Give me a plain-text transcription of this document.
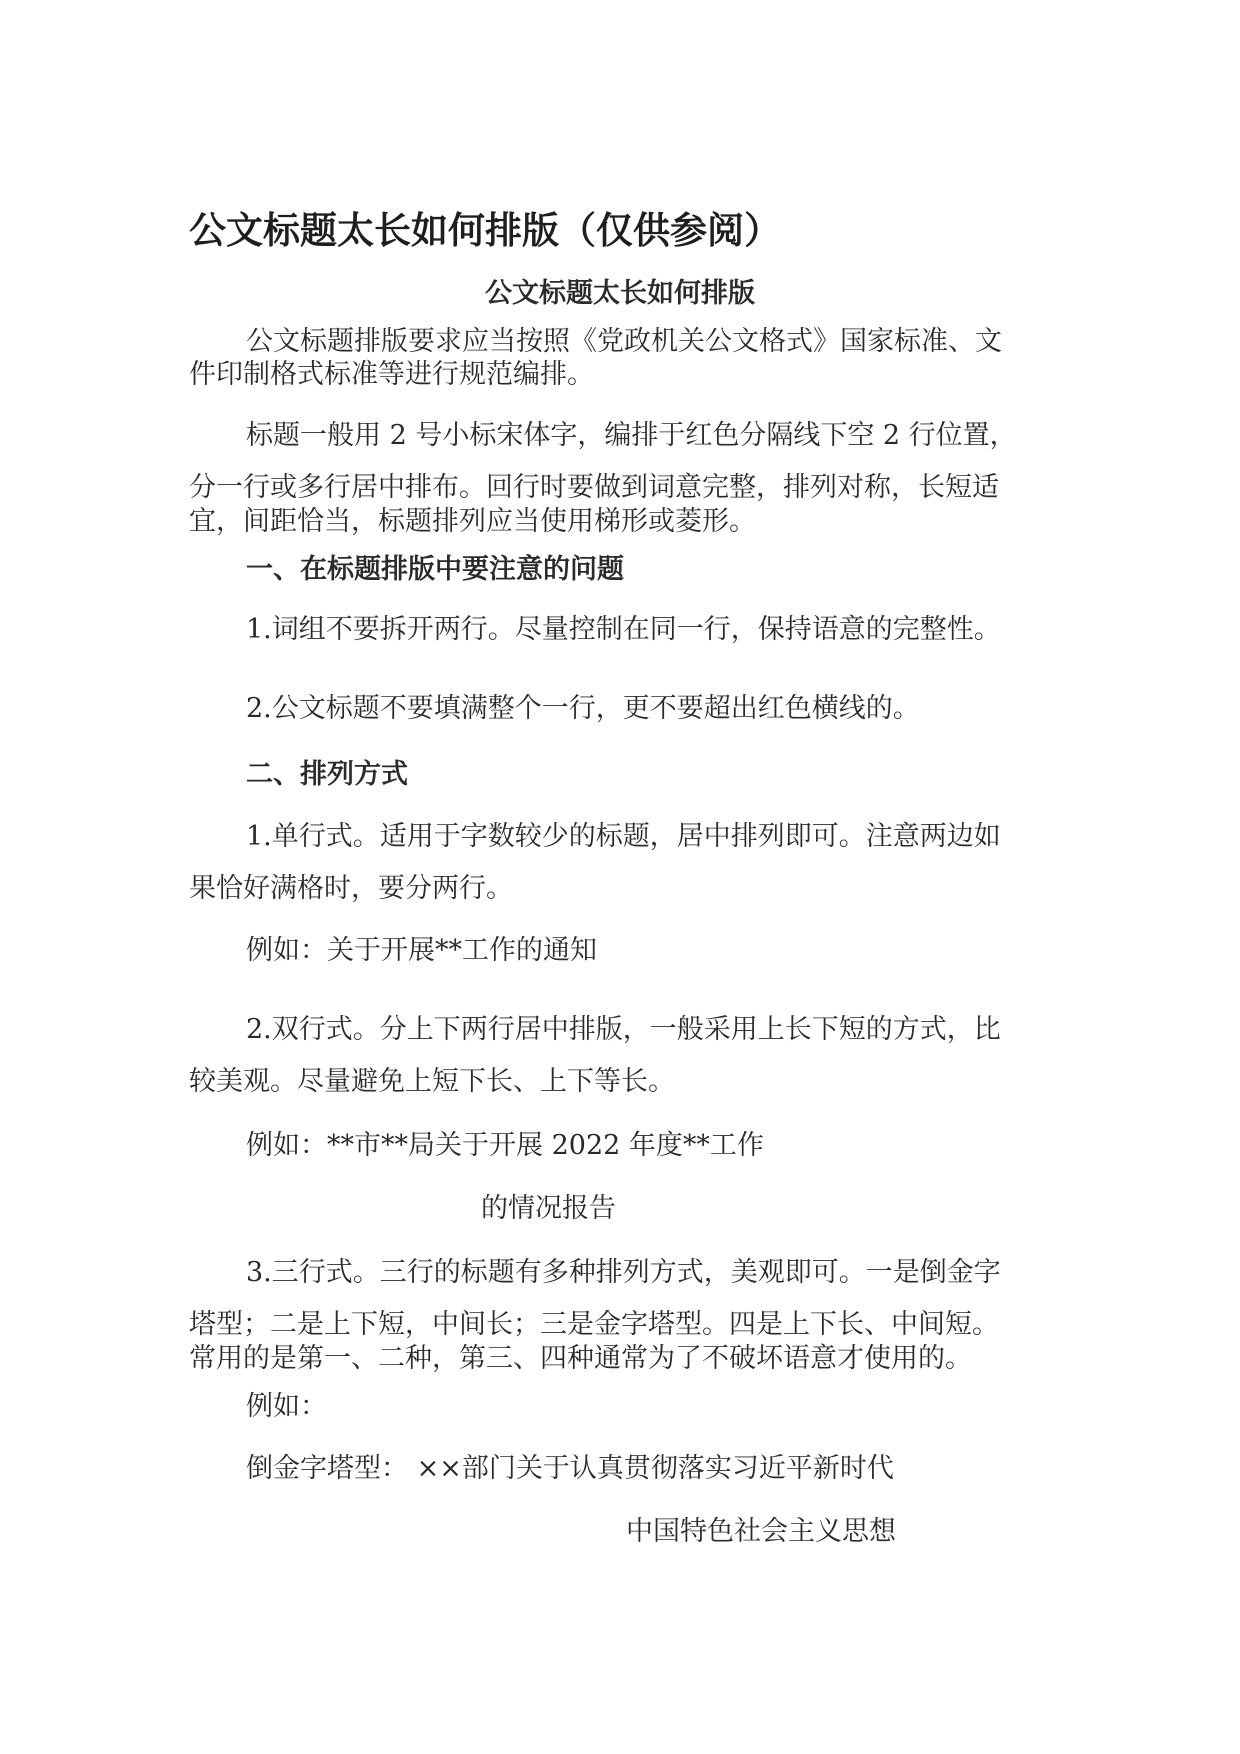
公文标题太长如何排版（仅供参阅）
公文标题太长如何排版
公文标题排版要求应当按照《党政机关公文格式》国家标准、文
件印制格式标准等进行规范编排。
标题一般用 2 号小标宋体字，编排于红色分隔线下空 2 行位置，
分一行或多行居中排布。回行时要做到词意完整，排列对称，长短适
宜，间距恰当，标题排列应当使用梯形或菱形。
一、在标题排版中要注意的问题
1.词组不要拆开两行。尽量控制在同一行，保持语意的完整性。
2.公文标题不要填满整个一行，更不要超出红色横线的。
二、排列方式
1.单行式。适用于字数较少的标题，居中排列即可。注意两边如
果恰好满格时，要分两行。
例如：关于开展**工作的通知
2.双行式。分上下两行居中排版，一般采用上长下短的方式，比
较美观。尽量避免上短下长、上下等长。
例如：**市**局关于开展 2022 年度**工作
的情况报告
3.三行式。三行的标题有多种排列方式，美观即可。一是倒金字
塔型；二是上下短，中间长；三是金字塔型。四是上下长、中间短。
常用的是第一、二种，第三、四种通常为了不破坏语意才使用的。
例如：
倒金字塔型： ××部门关于认真贯彻落实习近平新时代
中国特色社会主义思想
